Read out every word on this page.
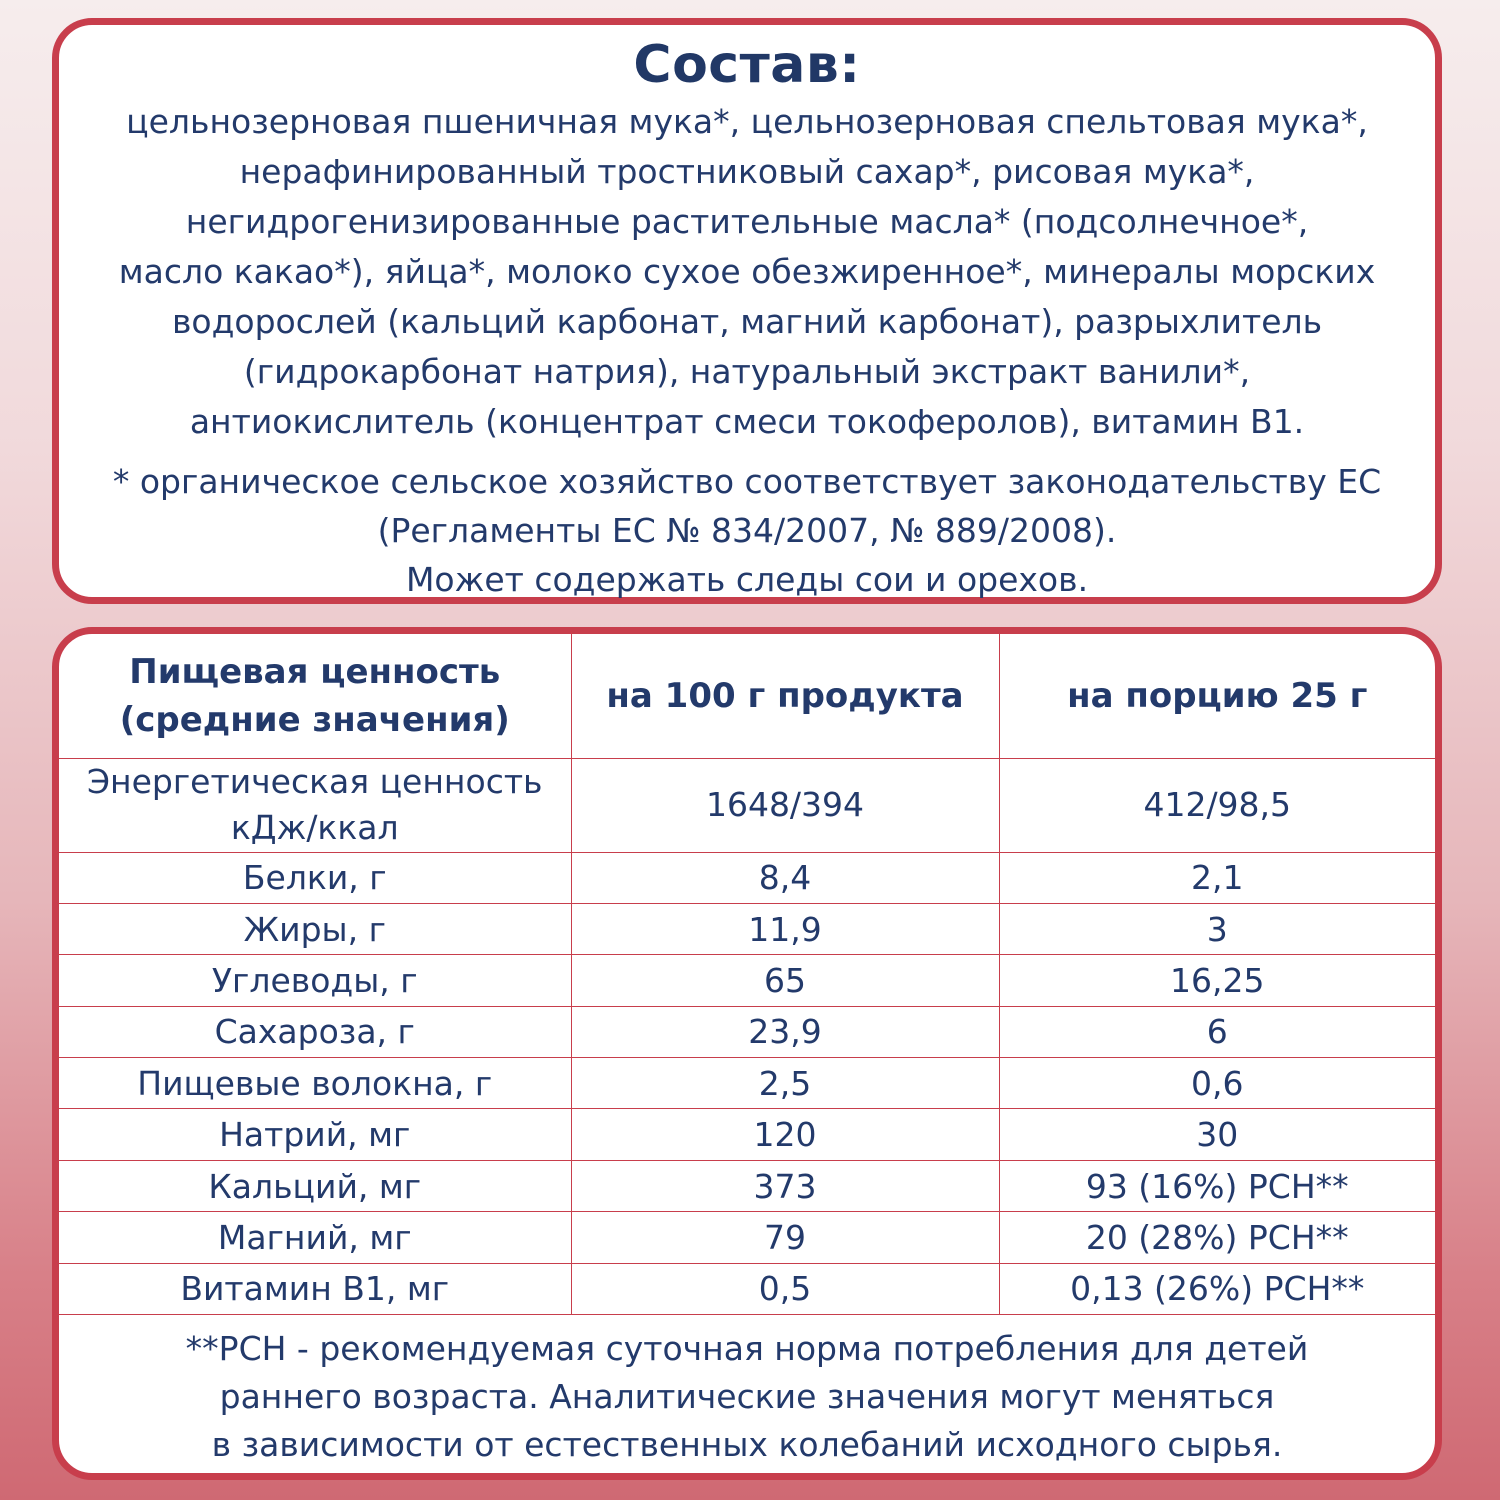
Состав:
цельнозерновая пшеничная мука*, цельнозерновая спельтовая мука*,
нерафинированный тростниковый сахар*, рисовая мука*,
негидрогенизированные растительные масла* (подсолнечное*,
масло какао*), яйца*, молоко сухое обезжиренное*, минералы морских
водорослей (кальций карбонат, магний карбонат), разрыхлитель
(гидрокарбонат натрия), натуральный экстракт ванили*,
антиокислитель (концентрат смеси токоферолов), витамин В1.
* органическое сельское хозяйство соответствует законодательству ЕС
(Регламенты ЕС № 834/2007, № 889/2008).
Может содержать следы сои и орехов.
Пищевая ценность
(средние значения)	на 100 г продукта	на порцию 25 г

Энергетическая ценность
кДж/ккал	1648/394	412/98,5
Белки, г	8,4	2,1
Жиры, г	11,9	3
Углеводы, г	65	16,25
Сахароза, г	23,9	6
Пищевые волокна, г	2,5	0,6
Натрий, мг	120	30
Кальций, мг	373	93 (16%) РСН**
Магний, мг	79	20 (28%) РСН**
Витамин В1, мг	0,5	0,13 (26%) РСН**
**РСН - рекомендуемая суточная норма потребления для детей
раннего возраста. Аналитические значения могут меняться
в зависимости от естественных колебаний исходного сырья.
